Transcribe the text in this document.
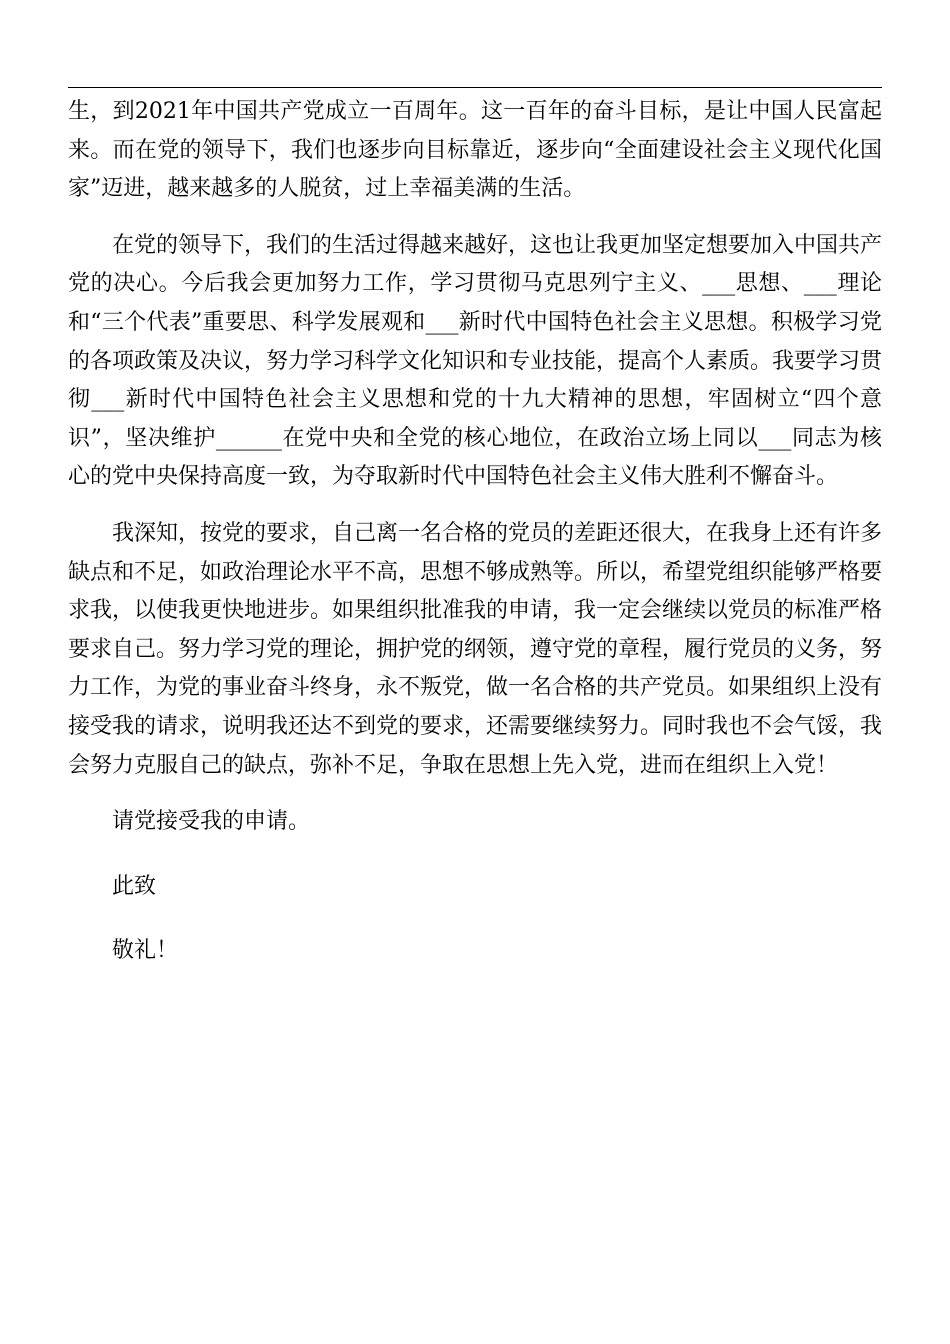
生，到2021年中国共产党成立一百周年。这一百年的奋斗目标，是让中国人民富起来。而在党的领导下，我们也逐步向目标靠近，逐步向“全面建设社会主义现代化国家”迈进，越来越多的人脱贫，过上幸福美满的生活。

在党的领导下，我们的生活过得越来越好，这也让我更加坚定想要加入中国共产党的决心。今后我会更加努力工作，学习贯彻马克思列宁主义、___思想、___理论和“三个代表”重要思、科学发展观和___新时代中国特色社会主义思想。积极学习党的各项政策及决议，努力学习科学文化知识和专业技能，提高个人素质。我要学习贯彻___新时代中国特色社会主义思想和党的十九大精神的思想，牢固树立“四个意识”，坚决维护______在党中央和全党的核心地位，在政治立场上同以___同志为核心的党中央保持高度一致，为夺取新时代中国特色社会主义伟大胜利不懈奋斗。

我深知，按党的要求，自己离一名合格的党员的差距还很大，在我身上还有许多缺点和不足，如政治理论水平不高，思想不够成熟等。所以，希望党组织能够严格要求我，以使我更快地进步。如果组织批准我的申请，我一定会继续以党员的标准严格要求自己。努力学习党的理论，拥护党的纲领，遵守党的章程，履行党员的义务，努力工作，为党的事业奋斗终身，永不叛党，做一名合格的共产党员。如果组织上没有接受我的请求，说明我还达不到党的要求，还需要继续努力。同时我也不会气馁，我会努力克服自己的缺点，弥补不足，争取在思想上先入党，进而在组织上入党！

请党接受我的申请。

此致

敬礼！
